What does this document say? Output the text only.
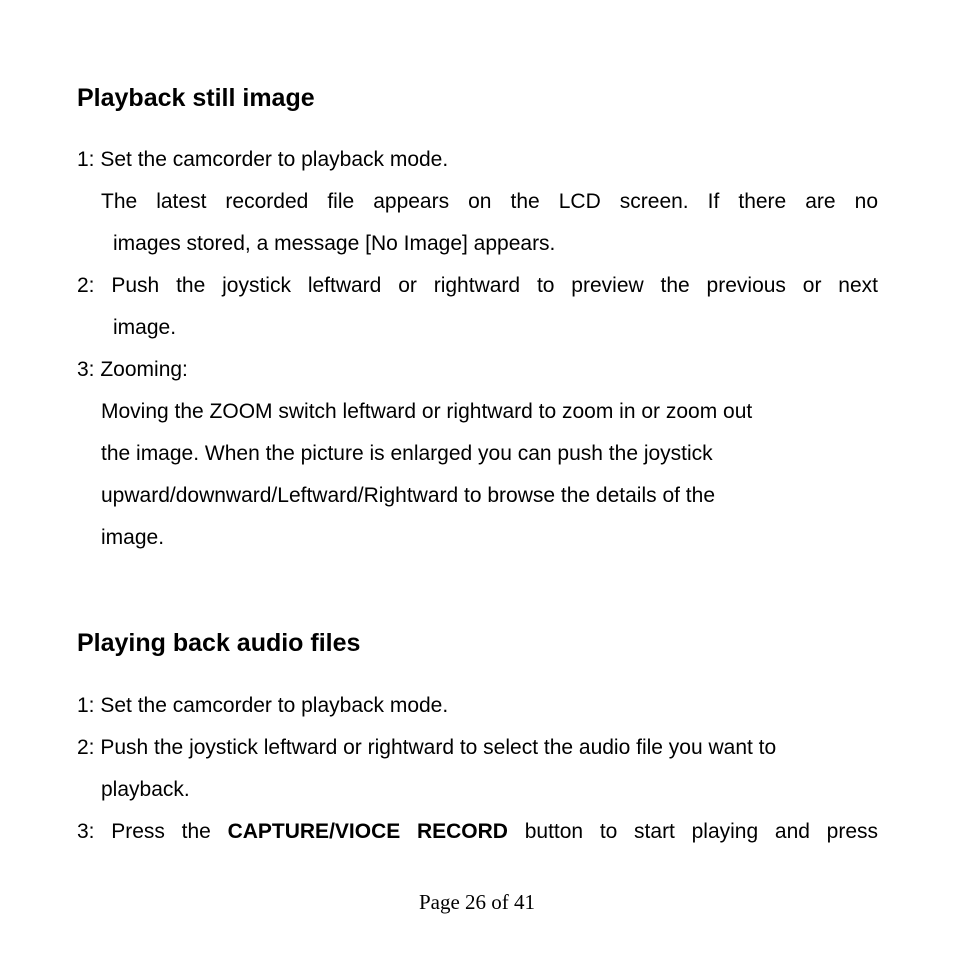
Playback still image
1: Set the camcorder to playback mode.
The latest recorded file appears on the LCD screen. If there are no
images stored, a message [No Image] appears.
2: Push the joystick leftward or rightward to preview the previous or next
image.
3: Zooming:
Moving the ZOOM switch leftward or rightward to zoom in or zoom out
the image. When the picture is enlarged you can push the joystick
upward/downward/Leftward/Rightward to browse the details of the
image.
Playing back audio files
1: Set the camcorder to playback mode.
2: Push the joystick leftward or rightward to select the audio file you want to
playback.
3: Press the CAPTURE/VIOCE RECORD button to start playing and press
Page 26 of 41
